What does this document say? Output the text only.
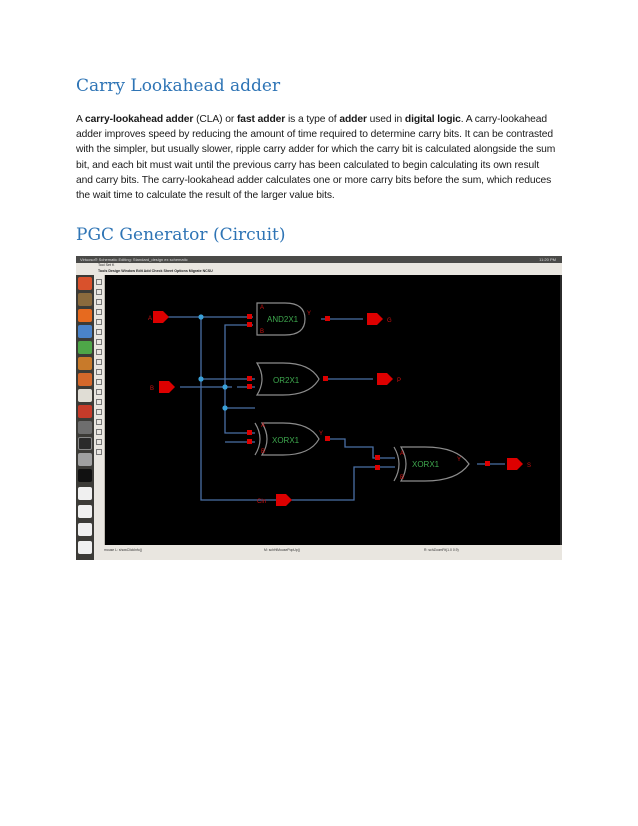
Carry Lookahead adder

A carry-lookahead adder (CLA) or fast adder is a type of adder used in digital logic. A carry-lookahead adder improves speed by reducing the amount of time required to determine carry bits. It can be contrasted with the simpler, but usually slower, ripple carry adder for which the carry bit is calculated alongside the sum bit, and each bit must wait until the previous carry has been calculated to begin calculating its own result and carry bits. The carry-lookahead adder calculates one or more carry bits before the sum, which reduces the wait time to calculate the result of the larger value bits.

PGC Generator (Circuit)
Virtuoso® Schematic Editing: Standard_design ex schematic	11:20 PM
Tool Set K
Tools Design Window Edit Add Check Sheet Options Migrate NCSU
AND2X1
OR2X1
XORX1
XORX1
A
B
Y
A
B
Y
A
B
Y
A
B
Cin
G
P
S
mouse L: showClickInfo()	M: schHiMousePopUp()	R: schZoomFit(1.0 0.9)
